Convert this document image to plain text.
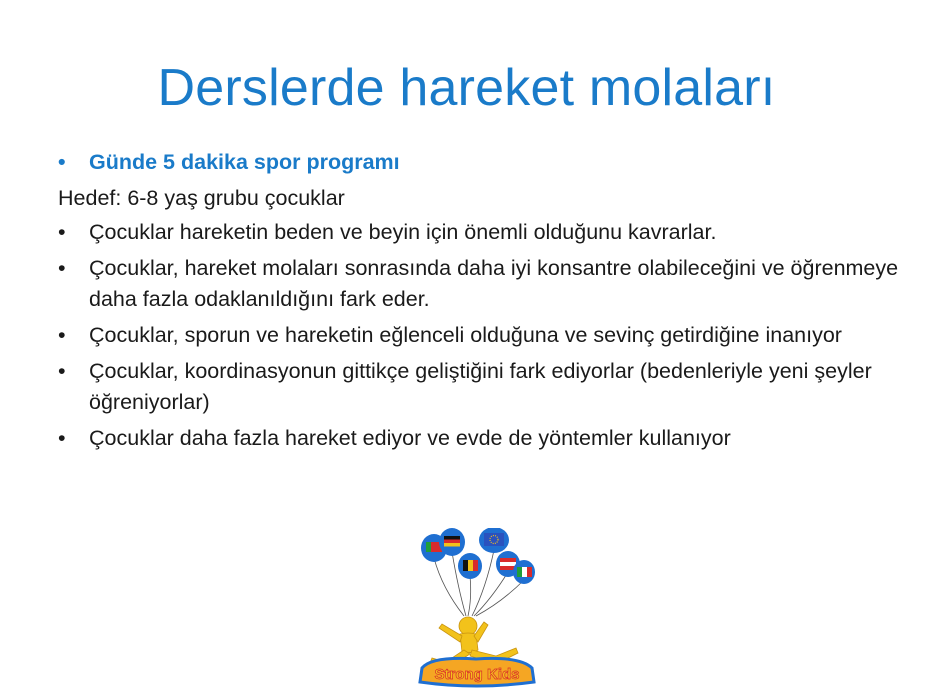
Derslerde hareket molaları
•	Günde 5 dakika spor programı
Hedef: 6-8 yaş grubu çocuklar
•	Çocuklar hareketin beden ve beyin için önemli olduğunu kavrarlar.
•	Çocuklar, hareket molaları sonrasında daha iyi konsantre olabileceğini ve öğrenmeye daha fazla odaklanıldığını fark eder.
•	Çocuklar, sporun ve hareketin eğlenceli olduğuna ve sevinç getirdiğine inanıyor
•	Çocuklar, koordinasyonun gittikçe geliştiğini fark ediyorlar (bedenleriyle yeni şeyler öğreniyorlar)
•	Çocuklar daha fazla hareket ediyor ve evde de yöntemler kullanıyor
Strong Kids
